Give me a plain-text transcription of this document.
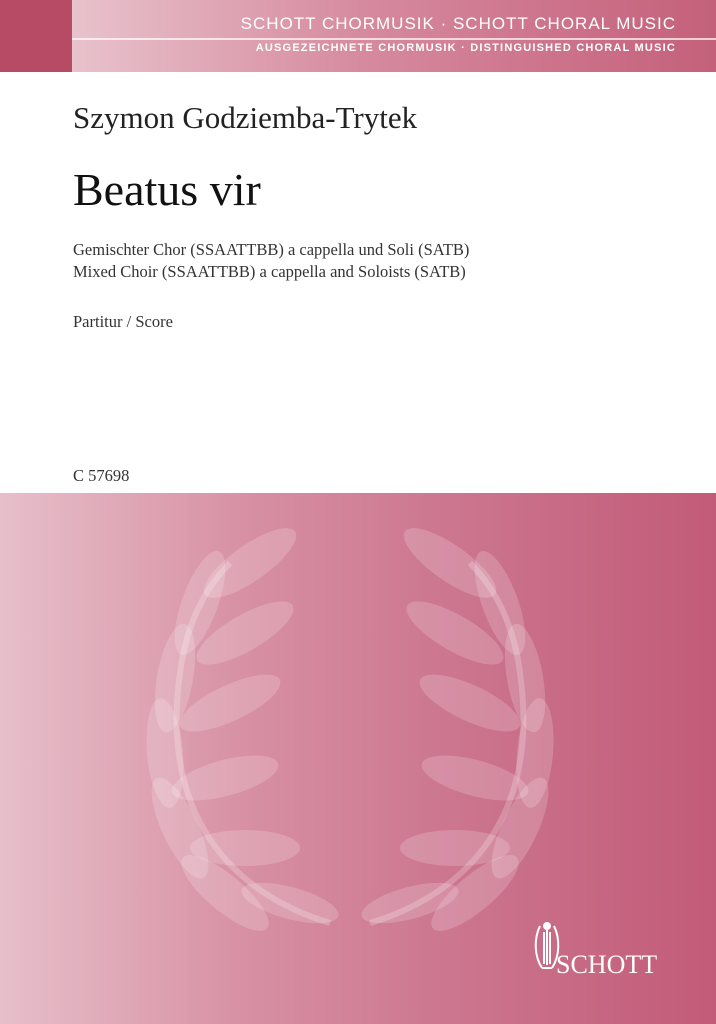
SCHOTT CHORMUSIK · SCHOTT CHORAL MUSIC
AUSGEZEICHNETE CHORMUSIK · DISTINGUISHED CHORAL MUSIC
Szymon Godziemba-Trytek
Beatus vir
Gemischter Chor (SSAATTBB) a cappella und Soli (SATB)
Mixed Choir (SSAATTBB) a cappella and Soloists (SATB)
Partitur / Score
C 57698
SCHOTT
